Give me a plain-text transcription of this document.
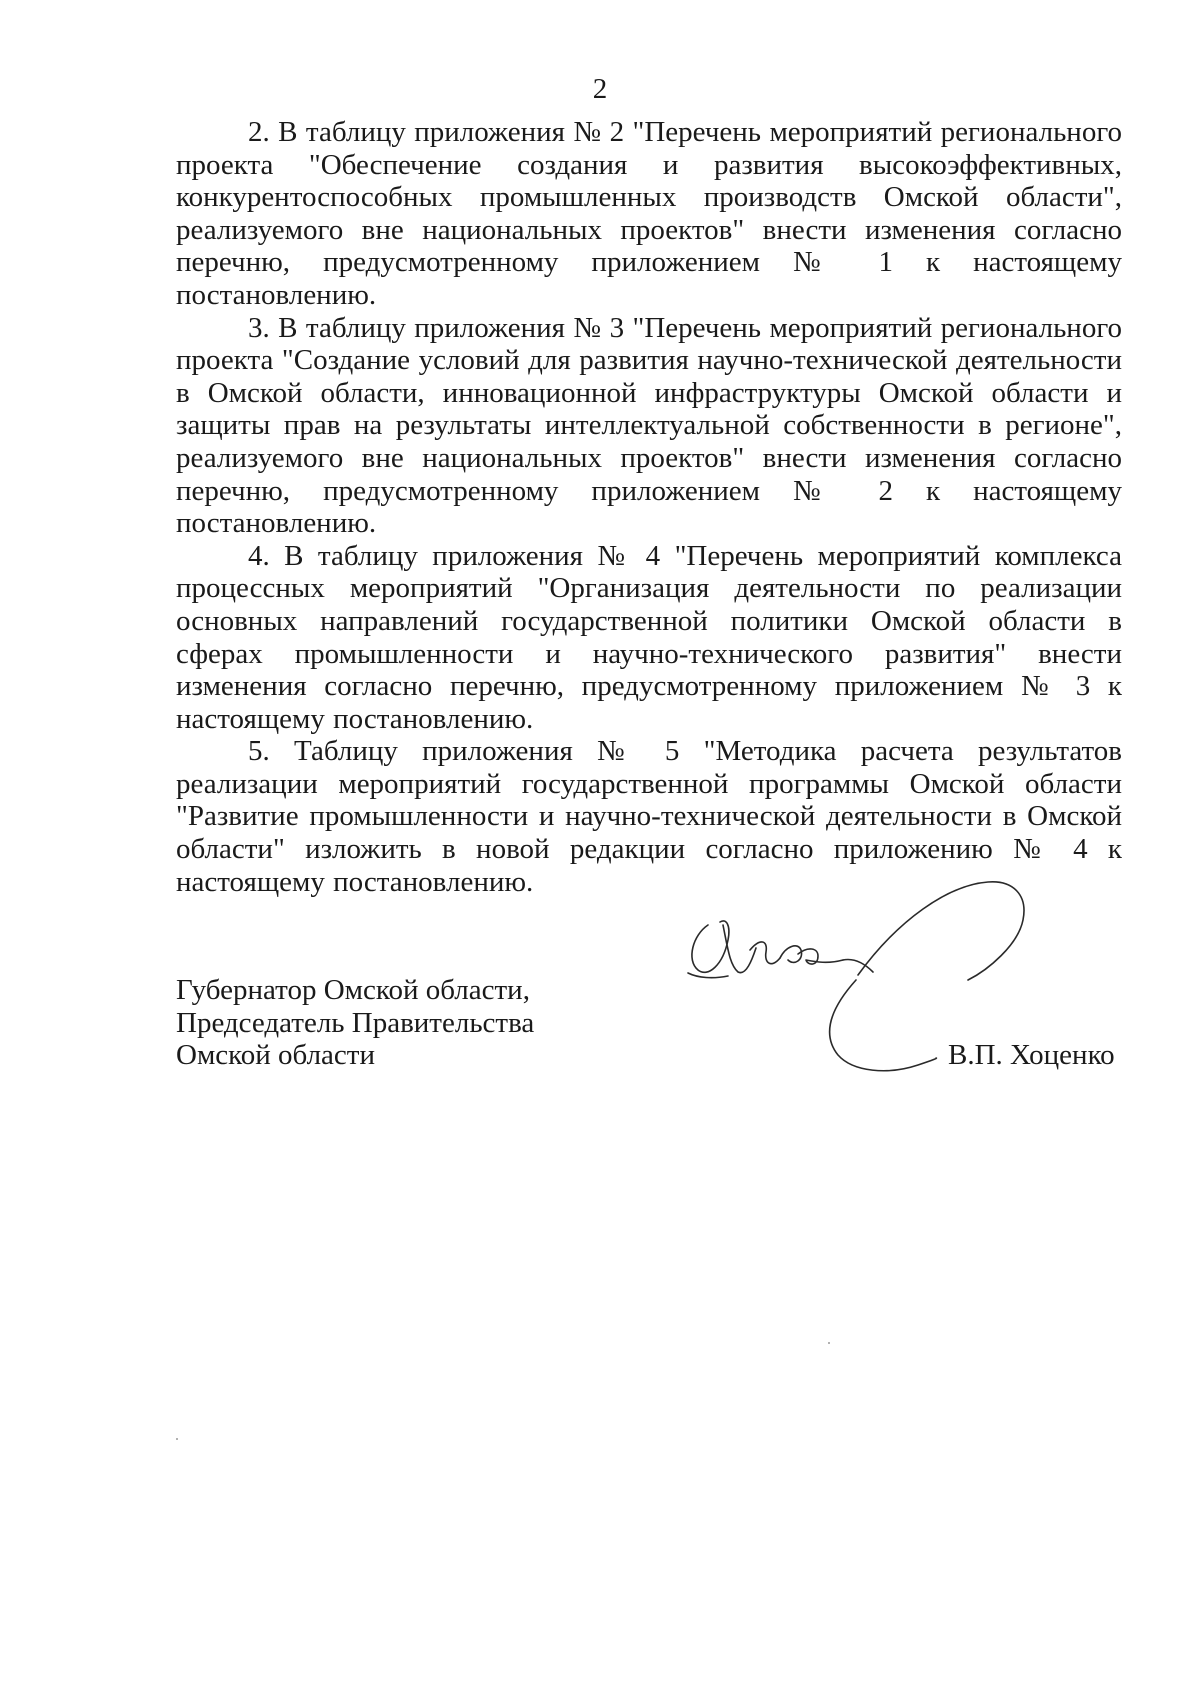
2

2. В таблицу приложения № 2 "Перечень мероприятий регионального проекта "Обеспечение создания и развития высокоэффективных, конкурентоспособных промышленных производств Омской области", реализуемого вне национальных проектов" внести изменения согласно перечню, предусмотренному приложением № 1 к настоящему постановлению.

3. В таблицу приложения № 3 "Перечень мероприятий регионального проекта "Создание условий для развития научно-технической деятельности в Омской области, инновационной инфраструктуры Омской области и защиты прав на результаты интеллектуальной собственности в регионе", реализуемого вне национальных проектов" внести изменения согласно перечню, предусмотренному приложением № 2 к настоящему постановлению.

4. В таблицу приложения № 4 "Перечень мероприятий комплекса процессных мероприятий "Организация деятельности по реализации основных направлений государственной политики Омской области в сферах промышленности и научно-технического развития" внести изменения согласно перечню, предусмотренному приложением № 3 к настоящему постановлению.

5. Таблицу приложения № 5 "Методика расчета результатов реализации мероприятий государственной программы Омской области "Развитие промышленности и научно-технической деятельности в Омской области" изложить в новой редакции согласно приложению № 4 к настоящему постановлению.

Губернатор Омской области,
Председатель Правительства
Омской области	В.П. Хоценко
